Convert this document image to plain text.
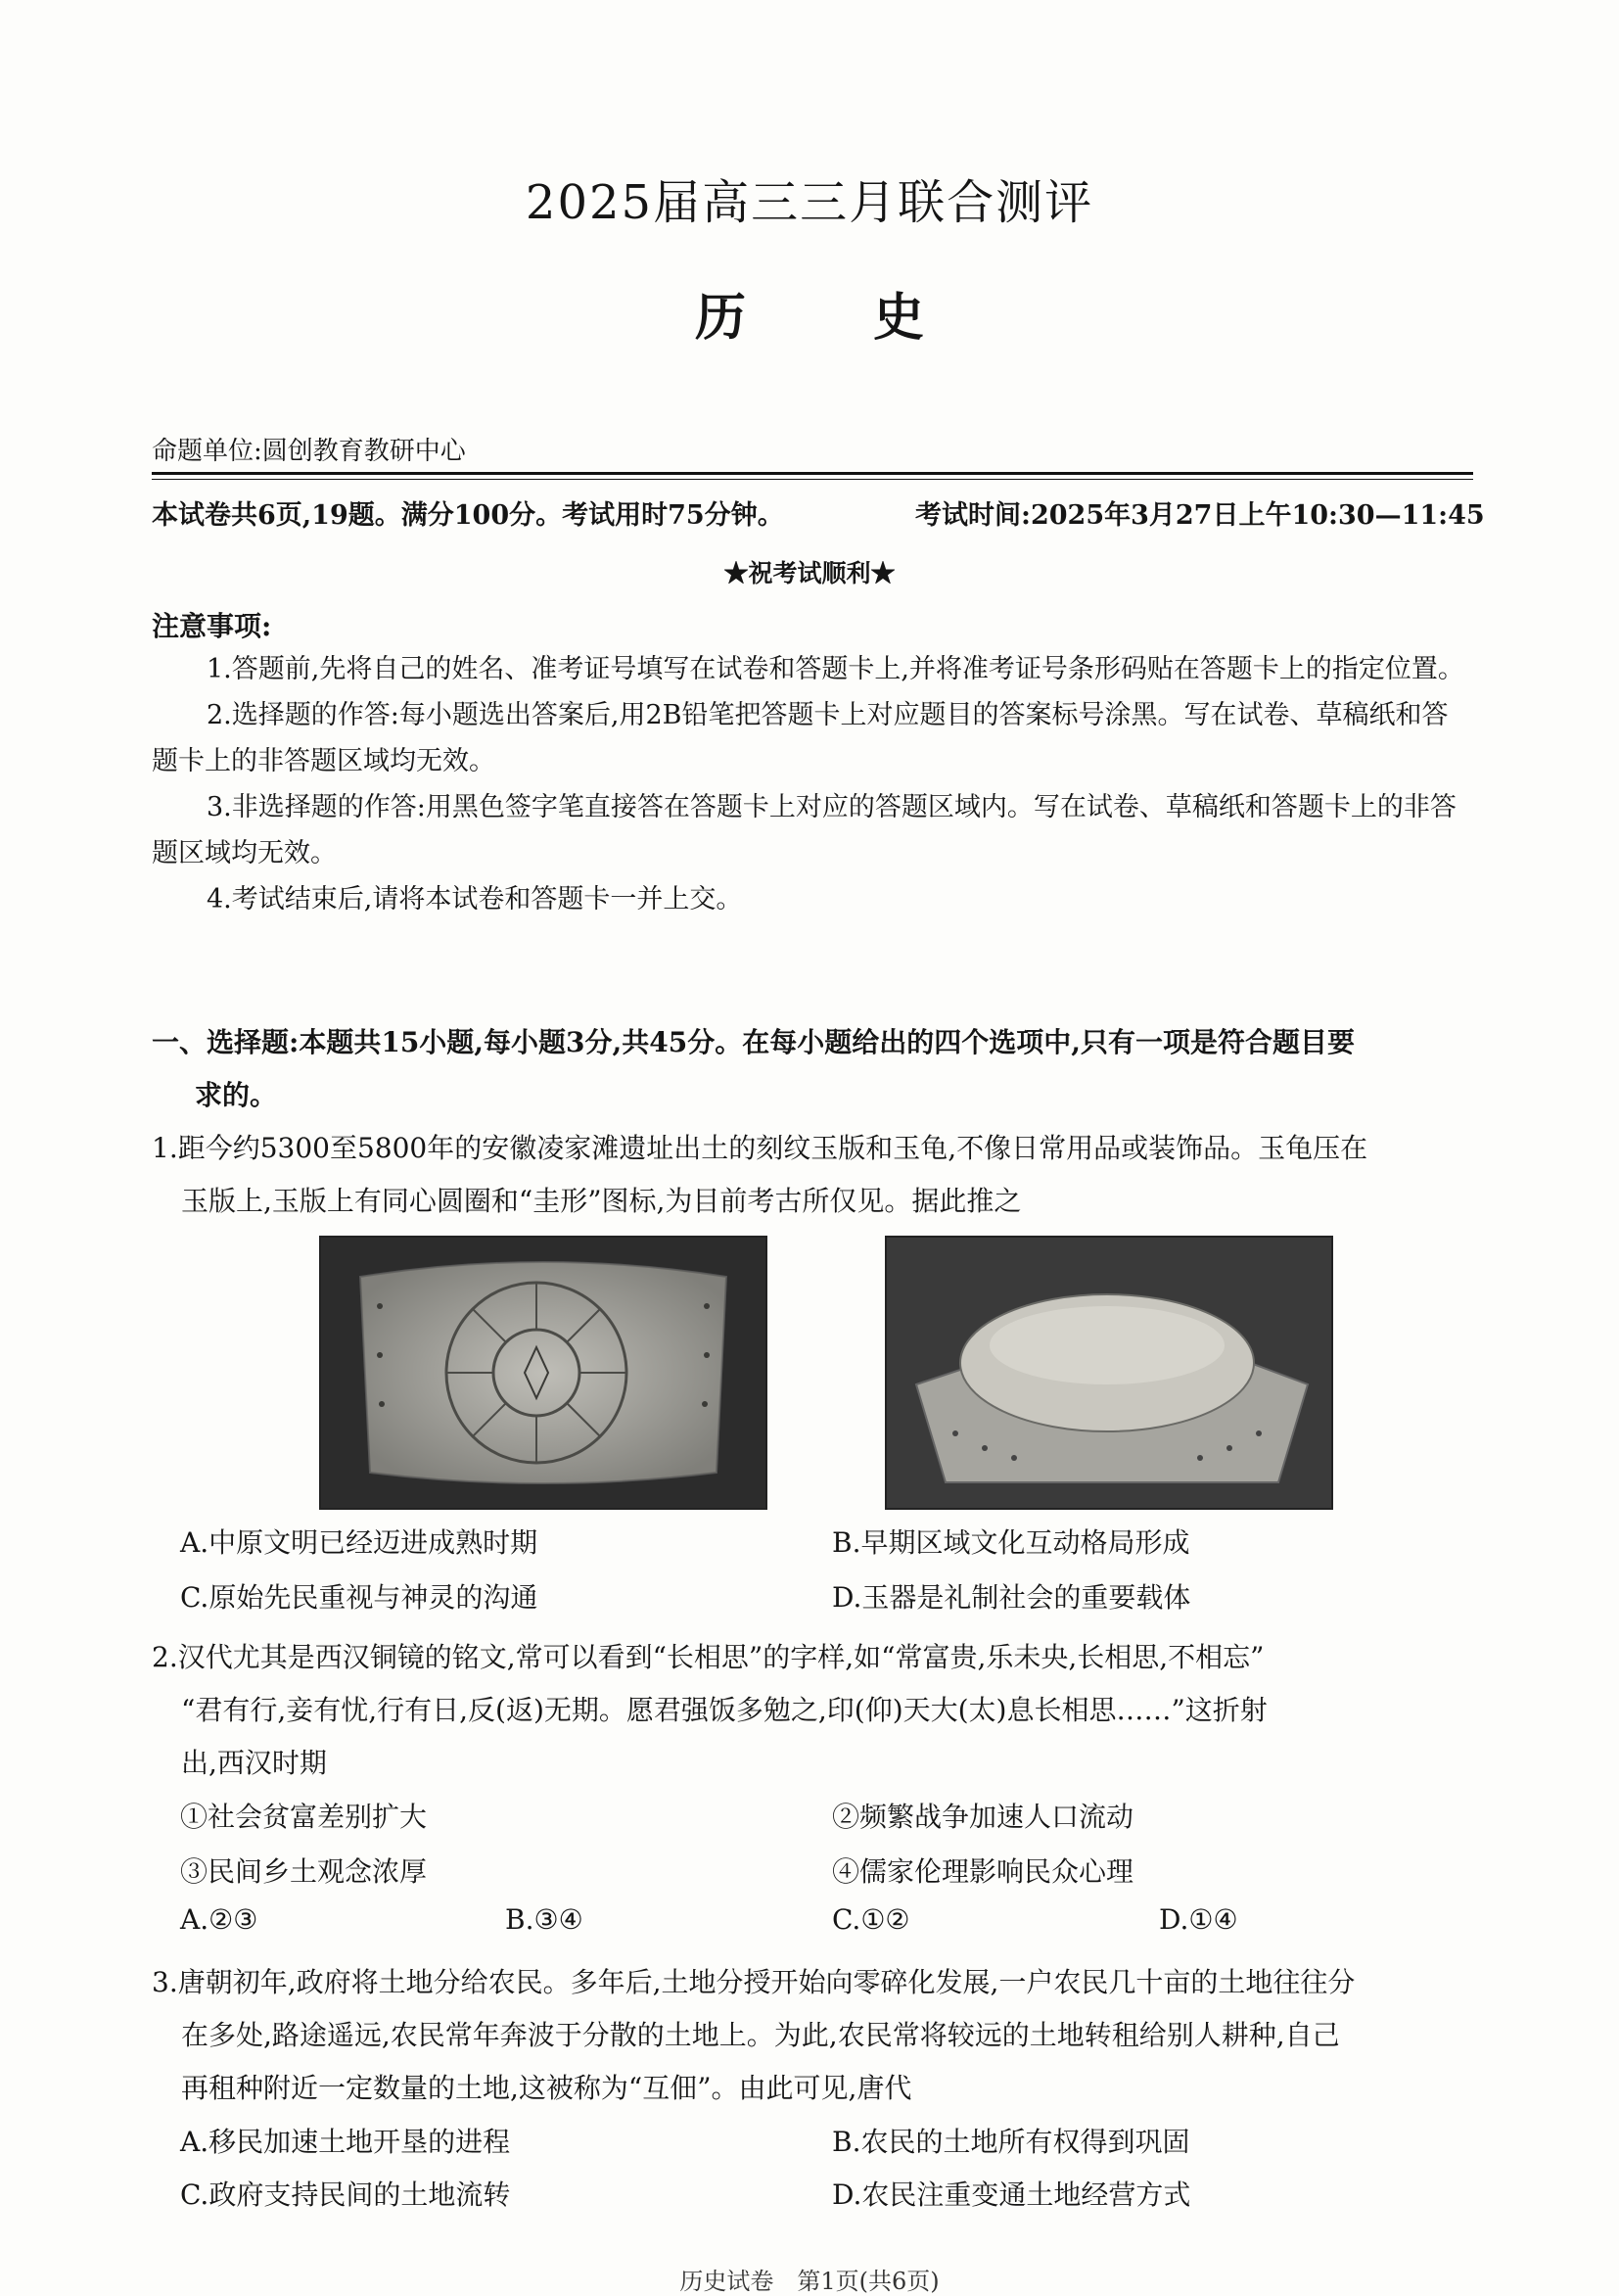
2025届高三三月联合测评
历	史
命题单位:圆创教育教研中心
本试卷共6页,19题。满分100分。考试用时75分钟。	考试时间:2025年3月27日上午10:30—11:45
★祝考试顺利★
注意事项:

1.答题前,先将自己的姓名、准考证号填写在试卷和答题卡上,并将准考证号条形码贴在答题卡上的指定位置。

2.选择题的作答:每小题选出答案后,用2B铅笔把答题卡上对应题目的答案标号涂黑。写在试卷、草稿纸和答题卡上的非答题区域均无效。

3.非选择题的作答:用黑色签字笔直接答在答题卡上对应的答题区域内。写在试卷、草稿纸和答题卡上的非答题区域均无效。

4.考试结束后,请将本试卷和答题卡一并上交。

一、选择题:本题共15小题,每小题3分,共45分。在每小题给出的四个选项中,只有一项是符合题目要
求的。
1.距今约5300至5800年的安徽凌家滩遗址出土的刻纹玉版和玉龟,不像日常用品或装饰品。玉龟压在
玉版上,玉版上有同心圆圈和“圭形”图标,为目前考古所仅见。据此推之
A.中原文明已经迈进成熟时期	B.早期区域文化互动格局形成
C.原始先民重视与神灵的沟通	D.玉器是礼制社会的重要载体
2.汉代尤其是西汉铜镜的铭文,常可以看到“长相思”的字样,如“常富贵,乐未央,长相思,不相忘”
“君有行,妾有忧,行有日,反(返)无期。愿君强饭多勉之,印(仰)天大(太)息长相思……”这折射
出,西汉时期
①社会贫富差别扩大	②频繁战争加速人口流动
③民间乡土观念浓厚	④儒家伦理影响民众心理
A.②③	B.③④	C.①②	D.①④
3.唐朝初年,政府将土地分给农民。多年后,土地分授开始向零碎化发展,一户农民几十亩的土地往往分
在多处,路途遥远,农民常年奔波于分散的土地上。为此,农民常将较远的土地转租给别人耕种,自己
再租种附近一定数量的土地,这被称为“互佃”。由此可见,唐代
A.移民加速土地开垦的进程	B.农民的土地所有权得到巩固
C.政府支持民间的土地流转	D.农民注重变通土地经营方式
历史试卷　第1页(共6页)
